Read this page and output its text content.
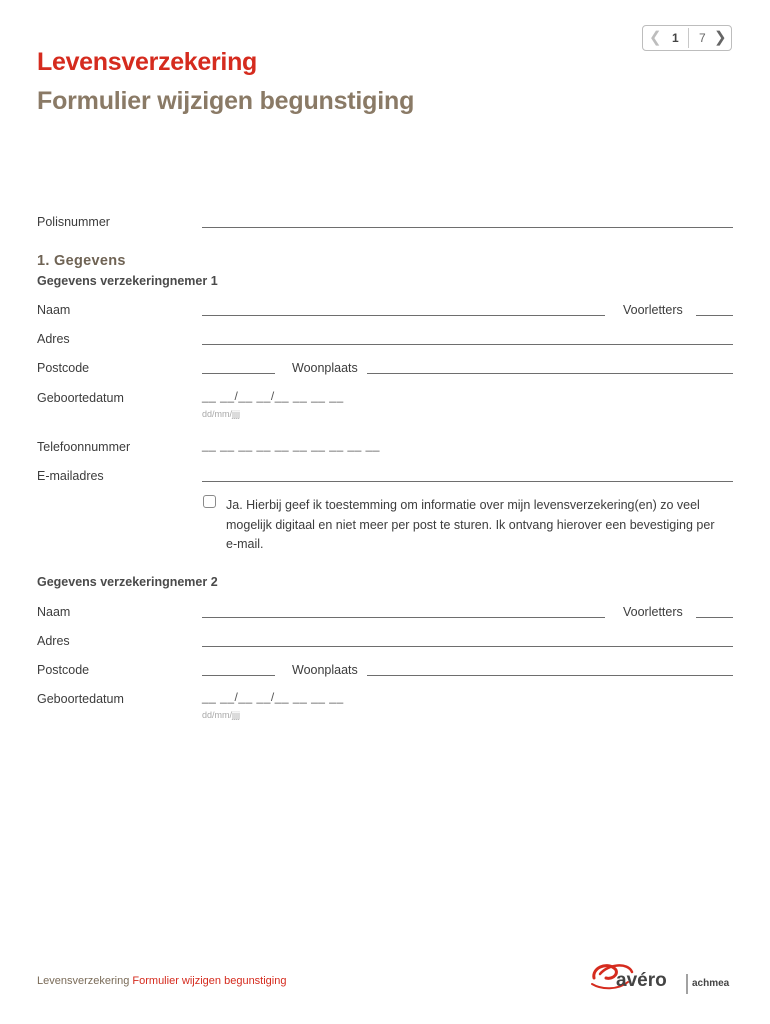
Levensverzekering
Formulier wijzigen begunstiging
❮ 1 7 ❯
Polisnummer
1. Gegevens
Gegevens verzekeringnemer 1
Naam	Voorletters
Adres
Postcode	Woonplaats
Geboortedatum	__ __/__ __/__ __ __ __
dd/mm/jjjj
Telefoonnummer	__ __ __ __ __ __ __ __ __ __
E-mailadres
Ja. Hierbij geef ik toestemming om informatie over mijn levensverzekering(en) zo veel mogelijk digitaal en niet meer per post te sturen. Ik ontvang hierover een bevestiging per e-mail.
Gegevens verzekeringnemer 2
Naam	Voorletters
Adres
Postcode	Woonplaats
Geboortedatum	__ __/__ __/__ __ __ __
dd/mm/jjjj
Levensverzekering Formulier wijzigen begunstiging	avéro	achmea
